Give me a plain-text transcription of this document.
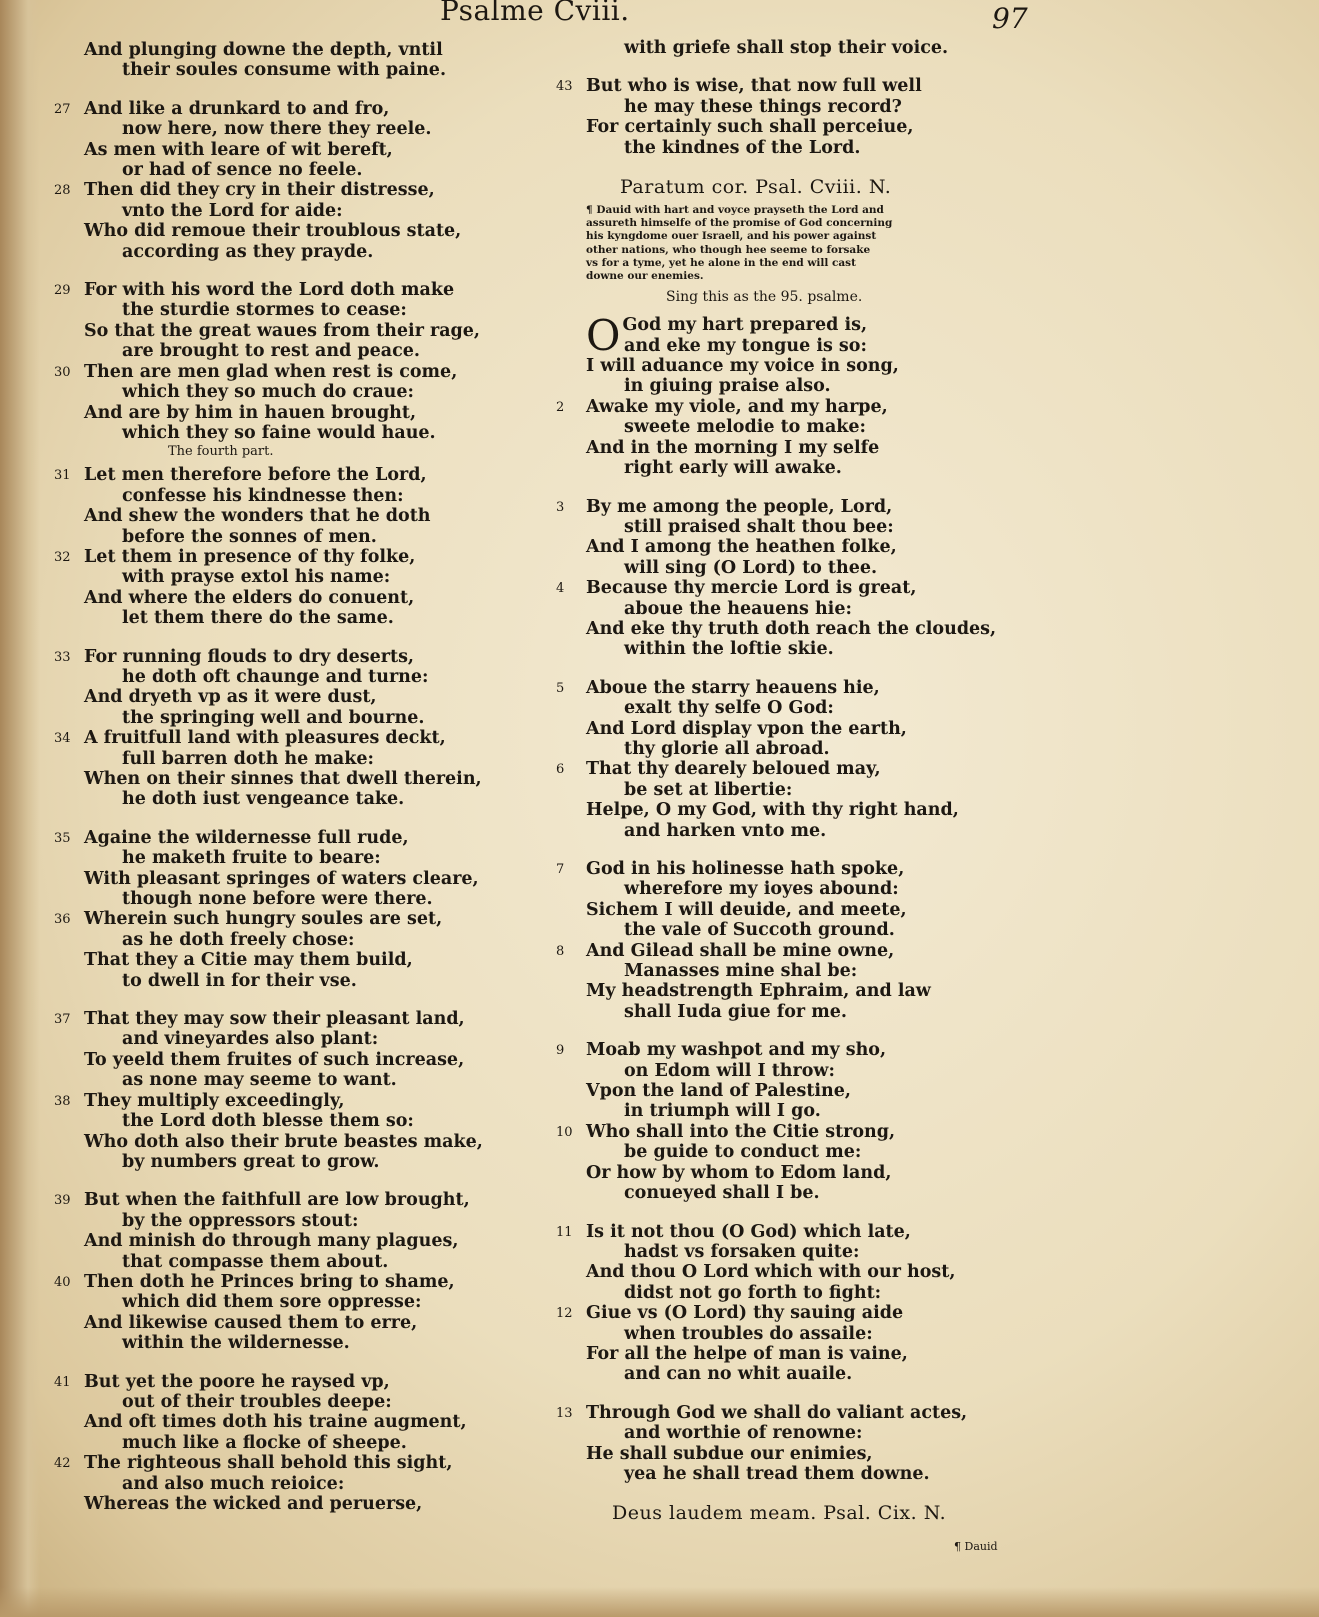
Psalme Cviii.	97
And plunging downe the depth, vntil
their soules consume with paine.
27 And like a drunkard to and fro,
now here, now there they reele.
As men with leare of wit bereft,
or had of sence no feele.
28 Then did they cry in their distresse,
vnto the Lord for aide:
Who did remoue their troublous state,
according as they prayde.
29 For with his word the Lord doth make
the sturdie stormes to cease:
So that the great waues from their rage,
are brought to rest and peace.
30 Then are men glad when rest is come,
which they so much do craue:
And are by him in hauen brought,
which they so faine would haue.
The fourth part.
31 Let men therefore before the Lord,
confesse his kindnesse then:
And shew the wonders that he doth
before the sonnes of men.
32 Let them in presence of thy folke,
with prayse extol his name:
And where the elders do conuent,
let them there do the same.
33 For running flouds to dry deserts,
he doth oft chaunge and turne:
And dryeth vp as it were dust,
the springing well and bourne.
34 A fruitfull land with pleasures deckt,
full barren doth he make:
When on their sinnes that dwell therein,
he doth iust vengeance take.
35 Againe the wildernesse full rude,
he maketh fruite to beare:
With pleasant springes of waters cleare,
though none before were there.
36 Wherein such hungry soules are set,
as he doth freely chose:
That they a Citie may them build,
to dwell in for their vse.
37 That they may sow their pleasant land,
and vineyardes also plant:
To yeeld them fruites of such increase,
as none may seeme to want.
38 They multiply exceedingly,
the Lord doth blesse them so:
Who doth also their brute beastes make,
by numbers great to grow.
39 But when the faithfull are low brought,
by the oppressors stout:
And minish do through many plagues,
that compasse them about.
40 Then doth he Princes bring to shame,
which did them sore oppresse:
And likewise caused them to erre,
within the wildernesse.
41 But yet the poore he raysed vp,
out of their troubles deepe:
And oft times doth his traine augment,
much like a flocke of sheepe.
42 The righteous shall behold this sight,
and also much reioice:
Whereas the wicked and peruerse,
with griefe shall stop their voice.
43 But who is wise, that now full well
he may these things record?
For certainly such shall perceiue,
the kindnes of the Lord.
Paratum cor. Psal. Cviii. N.
¶ Dauid with hart and voyce prayseth the Lord and
assureth himselfe of the promise of God concerning
his kyngdome ouer Israell, and his power against
other nations, who though hee seeme to forsake
vs for a tyme, yet he alone in the end will cast
downe our enemies.
Sing this as the 95. psalme.
O God my hart prepared is,
and eke my tongue is so:
I will aduance my voice in song,
in giuing praise also.
2 Awake my viole, and my harpe,
sweete melodie to make:
And in the morning I my selfe
right early will awake.
3 By me among the people, Lord,
still praised shalt thou bee:
And I among the heathen folke,
will sing (O Lord) to thee.
4 Because thy mercie Lord is great,
aboue the heauens hie:
And eke thy truth doth reach the cloudes,
within the loftie skie.
5 Aboue the starry heauens hie,
exalt thy selfe O God:
And Lord display vpon the earth,
thy glorie all abroad.
6 That thy dearely beloued may,
be set at libertie:
Helpe, O my God, with thy right hand,
and harken vnto me.
7 God in his holinesse hath spoke,
wherefore my ioyes abound:
Sichem I will deuide, and meete,
the vale of Succoth ground.
8 And Gilead shall be mine owne,
Manasses mine shal be:
My headstrength Ephraim, and law
shall Iuda giue for me.
9 Moab my washpot and my sho,
on Edom will I throw:
Vpon the land of Palestine,
in triumph will I go.
10 Who shall into the Citie strong,
be guide to conduct me:
Or how by whom to Edom land,
conueyed shall I be.
11 Is it not thou (O God) which late,
hadst vs forsaken quite:
And thou O Lord which with our host,
didst not go forth to fight:
12 Giue vs (O Lord) thy sauing aide
when troubles do assaile:
For all the helpe of man is vaine,
and can no whit auaile.
13 Through God we shall do valiant actes,
and worthie of renowne:
He shall subdue our enimies,
yea he shall tread them downe.
Deus laudem meam. Psal. Cix. N.
¶ Dauid
